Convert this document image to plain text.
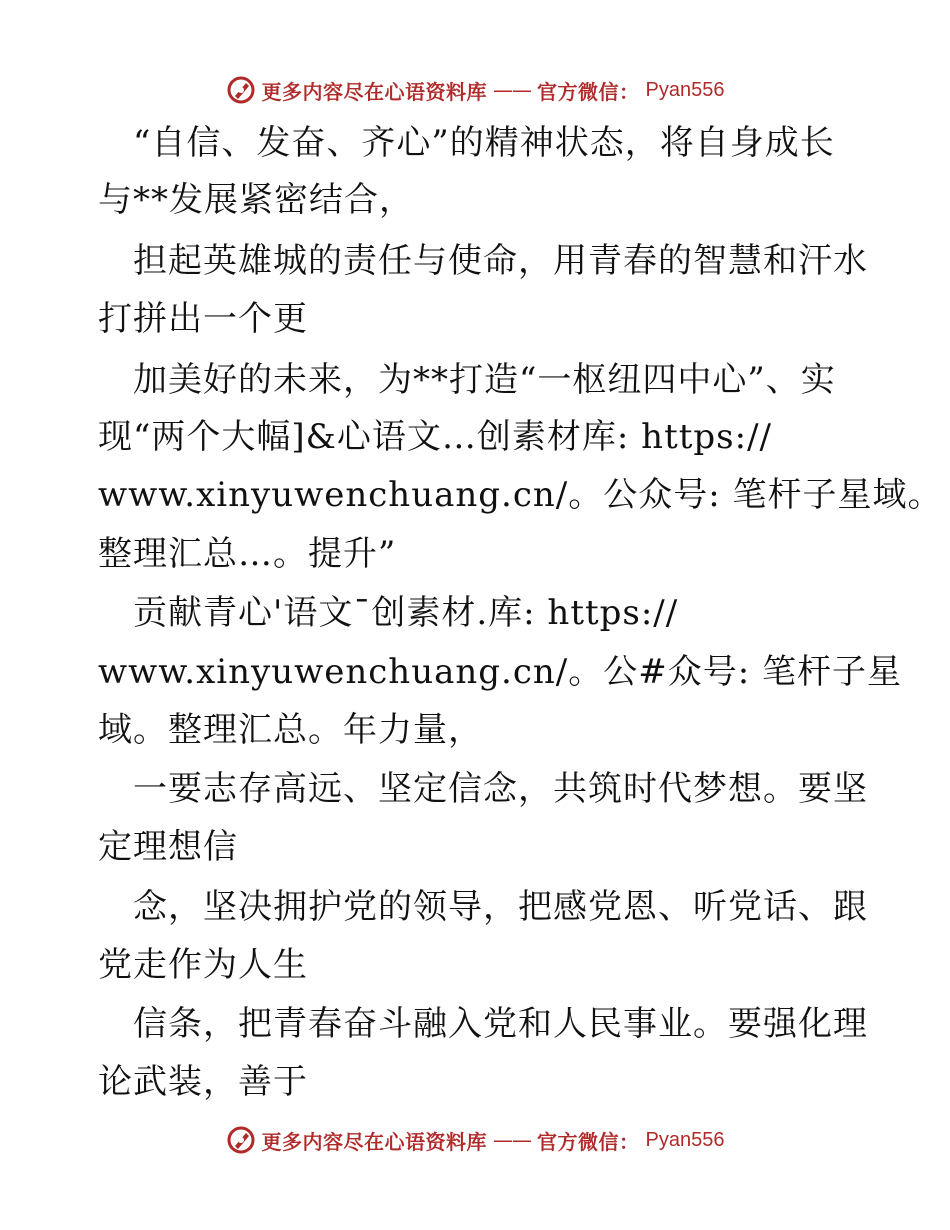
更多内容尽在心语资料库 —— 官方微信： Pyan556
　“自信、发奋、齐心”的精神状态，将自身成长
与**发展紧密结合，
　担起英雄城的责任与使命，用青春的智慧和汗水
打拼出一个更
　加美好的未来，为**打造“一枢纽四中心”、实
现“两个大幅]&心语文…创素材库: https://
www.xinyuwenchuang.cn/。公众号: 笔杆子星域。
整理汇总…。提升”
　贡献青心'语文¯创素材.库: https://
www.xinyuwenchuang.cn/。公#众号: 笔杆子星
域。整理汇总。年力量，
　一要志存高远、坚定信念，共筑时代梦想。要坚
定理想信
　念，坚决拥护党的领导，把感党恩、听党话、跟
党走作为人生
　信条，把青春奋斗融入党和人民事业。要强化理
论武装，善于
更多内容尽在心语资料库 —— 官方微信： Pyan556
